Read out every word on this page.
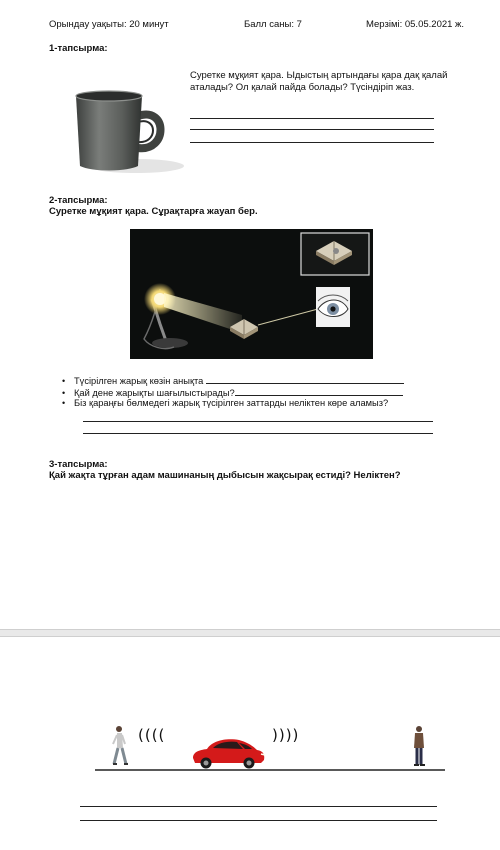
Орындау уақыты: 20 минут	Балл саны: 7	Мерзімі: 05.05.2021 ж.
1-тапсырма:
Суретке мұқият қара. Ыдыстың артындағы қара дақ қалай аталады? Ол қалай пайда болады? Түсіндіріп жаз.
2-тапсырма:
Суретке мұқият қара. Сұрақтарға жауап бер.
• Түсірілген жарық көзін анықта
• Қай дене жарықты шағылыстырады?
• Біз қараңғы бөлмедегі жарық түсірілген заттарды неліктен көре аламыз?
3-тапсырма:
Қай жақта тұрған адам машинаның дыбысын жақсырақ естиді? Неліктен?
((((	))))
